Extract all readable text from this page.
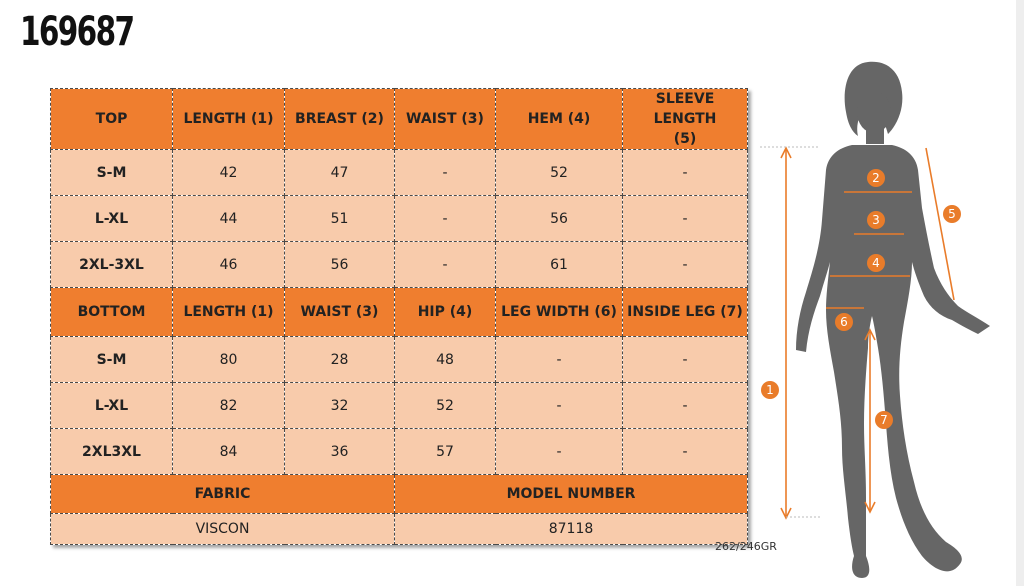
169687
TOP	LENGTH (1)	BREAST (2)	WAIST (3)	HEM (4)	SLEEVE LENGTH (5)
S-M	42	47	-	52	-
L-XL	44	51	-	56	-
2XL-3XL	46	56	-	61	-
BOTTOM	LENGTH (1)	WAIST (3)	HIP (4)	LEG WIDTH (6)	INSIDE LEG (7)
S-M	80	28	48	-	-
L-XL	82	32	52	-	-
2XL3XL	84	36	57	-	-
FABRIC			MODEL NUMBER		
VISCON			87118		
262/246GR
1
2
3
4
5
6
7
